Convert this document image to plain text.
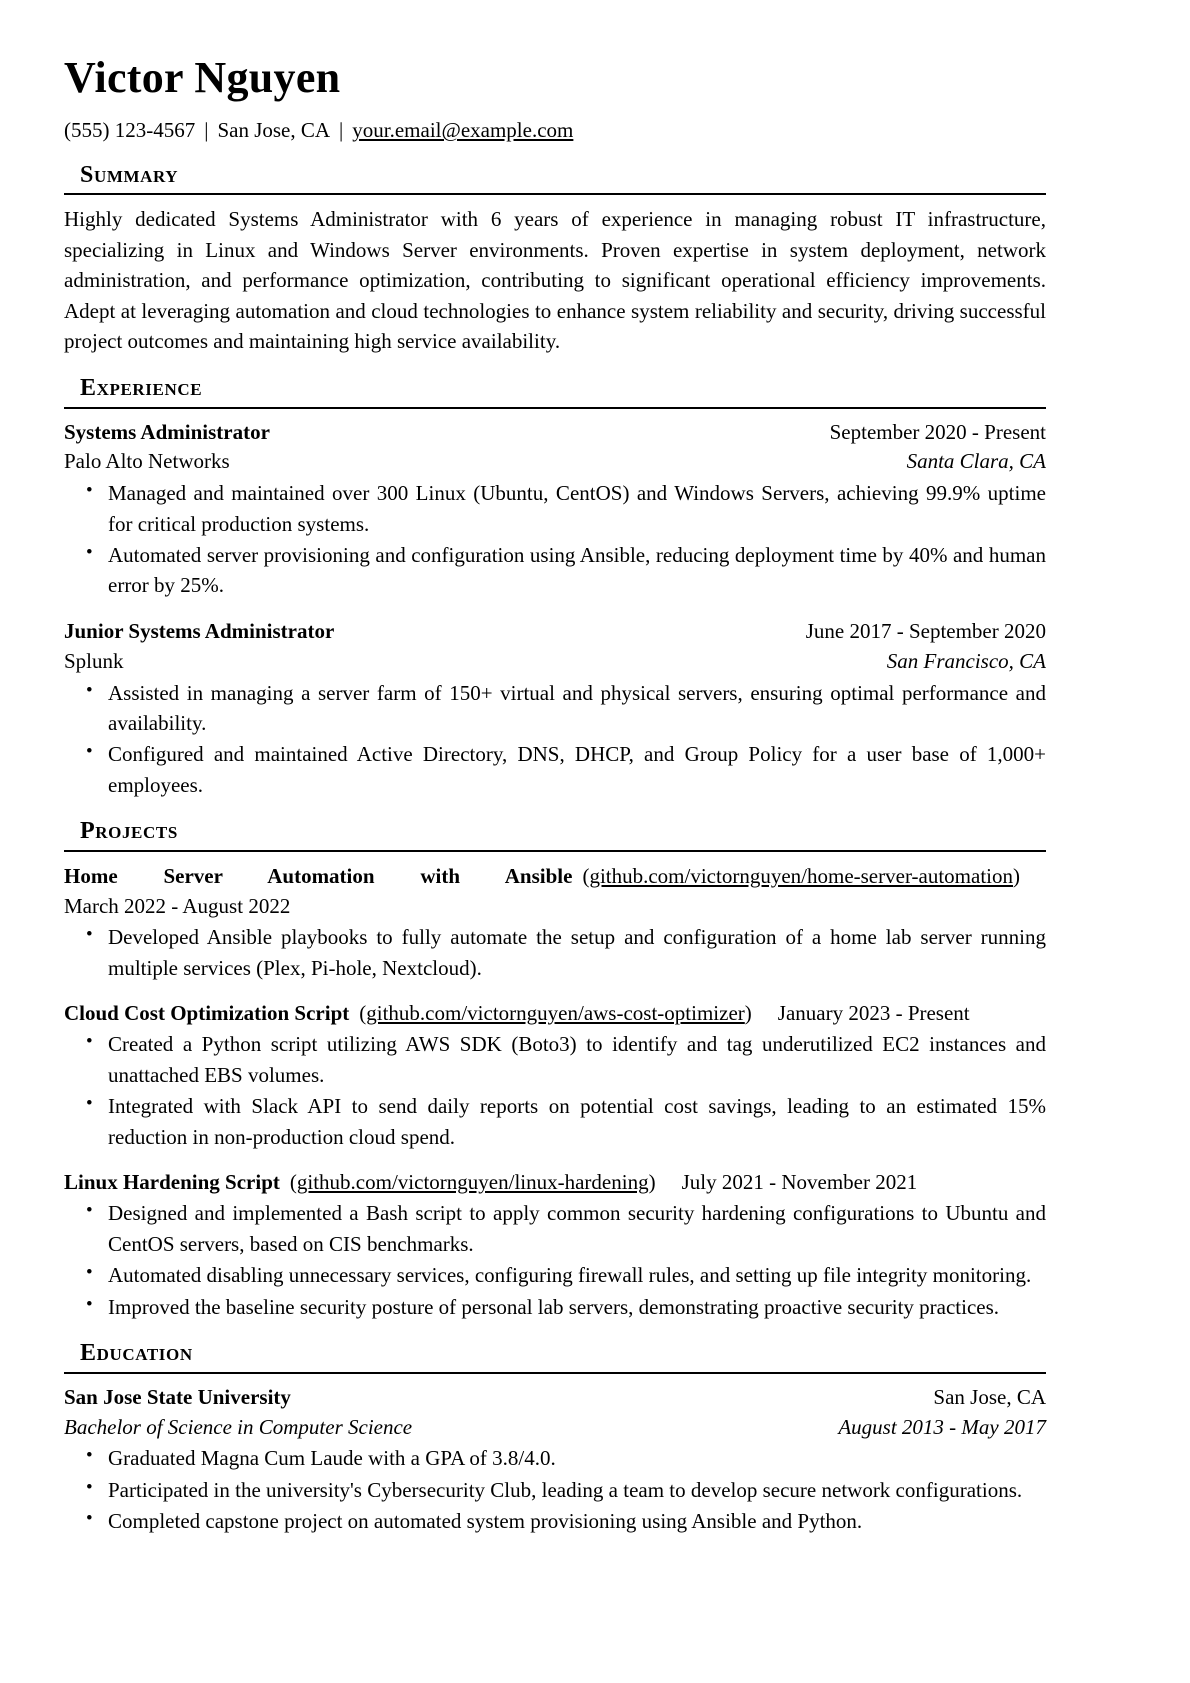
Victor Nguyen
(555) 123-4567 | San Jose, CA | your.email@example.com
Summary
Highly dedicated Systems Administrator with 6 years of experience in managing robust IT infrastructure, specializing in Linux and Windows Server environments. Proven expertise in system deployment, network administration, and performance optimization, contributing to significant operational efficiency improvements. Adept at leveraging automation and cloud technologies to enhance system reliability and security, driving successful project outcomes and maintaining high service availability.
Experience
Systems Administrator	September 2020 - Present
Palo Alto Networks	Santa Clara, CA
• Managed and maintained over 300 Linux (Ubuntu, CentOS) and Windows Servers, achieving 99.9% uptime for critical production systems.
• Automated server provisioning and configuration using Ansible, reducing deployment time by 40% and human error by 25%.
Junior Systems Administrator	June 2017 - September 2020
Splunk	San Francisco, CA
• Assisted in managing a server farm of 150+ virtual and physical servers, ensuring optimal performance and availability.
• Configured and maintained Active Directory, DNS, DHCP, and Group Policy for a user base of 1,000+ employees.
Projects
Home Server Automation with Ansible (github.com/victornguyen/home-server-automation)March 2022 - August 2022
• Developed Ansible playbooks to fully automate the setup and configuration of a home lab server running multiple services (Plex, Pi-hole, Nextcloud).
Cloud Cost Optimization Script (github.com/victornguyen/aws-cost-optimizer) January 2023 - Present
• Created a Python script utilizing AWS SDK (Boto3) to identify and tag underutilized EC2 instances and unattached EBS volumes.
• Integrated with Slack API to send daily reports on potential cost savings, leading to an estimated 15% reduction in non-production cloud spend.
Linux Hardening Script (github.com/victornguyen/linux-hardening) July 2021 - November 2021
• Designed and implemented a Bash script to apply common security hardening configurations to Ubuntu and CentOS servers, based on CIS benchmarks.
• Automated disabling unnecessary services, configuring firewall rules, and setting up file integrity monitoring.
• Improved the baseline security posture of personal lab servers, demonstrating proactive security practices.
Education
San Jose State University	San Jose, CA
Bachelor of Science in Computer Science	August 2013 - May 2017
• Graduated Magna Cum Laude with a GPA of 3.8/4.0.
• Participated in the university's Cybersecurity Club, leading a team to develop secure network configurations.
• Completed capstone project on automated system provisioning using Ansible and Python.
